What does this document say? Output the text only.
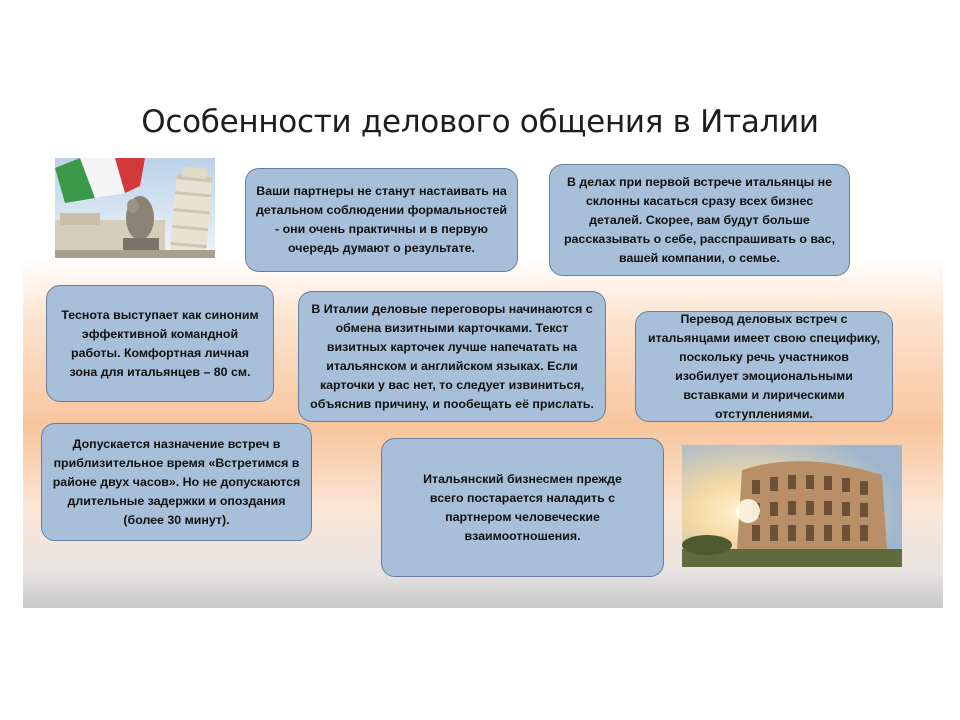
Особенности делового общения в Италии
Ваши партнеры не станут настаивать на детальном соблюдении формальностей - они очень практичны и в первую очередь думают о результате.
В делах при первой встрече итальянцы не склонны касаться сразу всех бизнес деталей. Скорее, вам будут больше рассказывать о себе, расспрашивать о вас, вашей компании, о семье.
Теснота выступает как синоним эффективной командной работы. Комфортная личная зона для итальянцев – 80 см.
В Италии деловые переговоры начинаются с обмена визитными карточками. Текст визитных карточек лучше напечатать на итальянском и английском языках. Если карточки у вас нет, то следует извиниться, объяснив причину, и пообещать её прислать.
Перевод деловых встреч с итальянцами имеет свою специфику, поскольку речь участников изобилует эмоциональными вставками и лирическими отступлениями.
Допускается назначение встреч в приблизительное время «Встретимся в районе двух часов». Но не допускаются длительные задержки и опоздания (более 30 минут).
Итальянский бизнесмен прежде всего постарается наладить с партнером человеческие взаимоотношения.
